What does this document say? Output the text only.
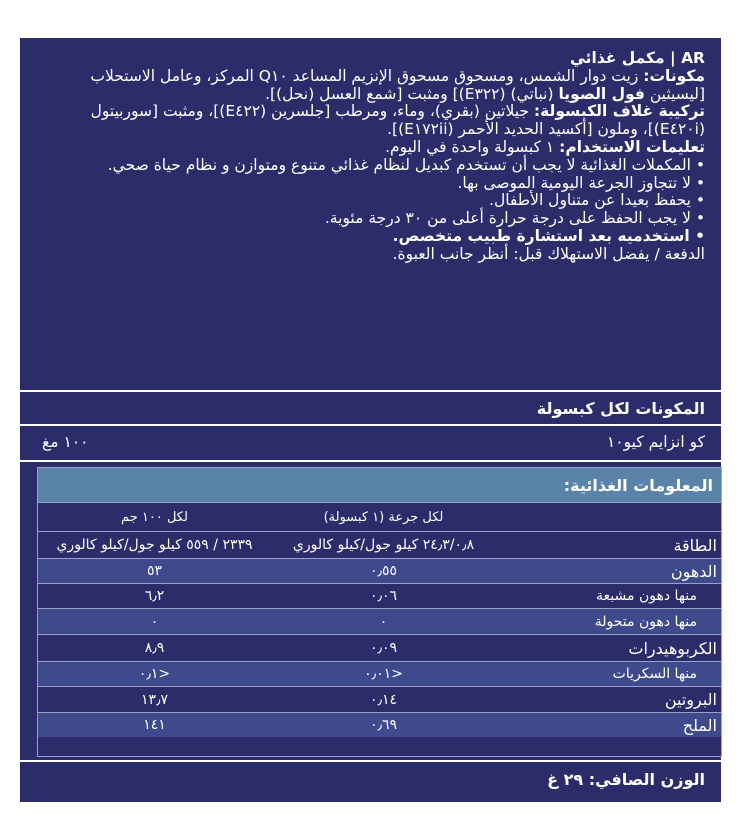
AR | مكمل غذائي

مكونات: زيت دوار الشمس، ومسحوق مسحوق الإنزيم المساعد Q١٠ المركز، وعامل الاستحلاب [ليسيثين فول الصويا (نباتي) (E٣٢٢)] ومثبت [شمع العسل (نحل)].

تركيبة غلاف الكبسولة: جيلاتين (بقري)، وماء، ومرطب [جلسرين (E٤٢٢)]، ومثبت [سوربيتول (E٤٢٠i)]، وملون [أكسيد الحديد الأحمر (E١٧٢ii)].

تعليمات الاستخدام: ١ كبسولة واحدة في اليوم.

• المكملات الغذائية لا يجب أن تستخدم كبديل لنظام غذائي متنوع ومتوازن و نظام حياة صحي.

• لا تتجاوز الجرعة اليومية الموصى بها.

• يحفظ بعيدا عن متناول الأطفال.

• لا يجب الحفظ على درجة حرارة أعلى من ٣٠ درجة مئوية.

• استخدميه بعد استشارة طبيب متخصص.

الدفعة / يفضل الاستهلاك قبل: أنظر جانب العبوة.

المكونات لكل كبسولة
كو انزايم كيو١٠
١٠٠ مغ
المعلومات الغذائية:
لكل جرعة (١ كبسولة)
لكل ١٠٠ جم
الطاقة
٢٤٫٣/٠٫٨ كيلو جول/كيلو كالوري
٢٣٣٩ / ٥٥٩ كيلو جول/كيلو كالوري
الدهون
٠٫٥٥
٥٣
منها دهون مشبعة
٠٫٠٦
٦٫٢
منها دهون متحولة
٠
٠
الكربوهيدرات
٠٫٠٩
٨٫٩
منها السكريات
<٠٫٠١
<٠٫١
البروتين
٠٫١٤
١٣٫٧
الملح
٠٫٦٩
١٤١
الوزن الصافي: ٢٩ غ
